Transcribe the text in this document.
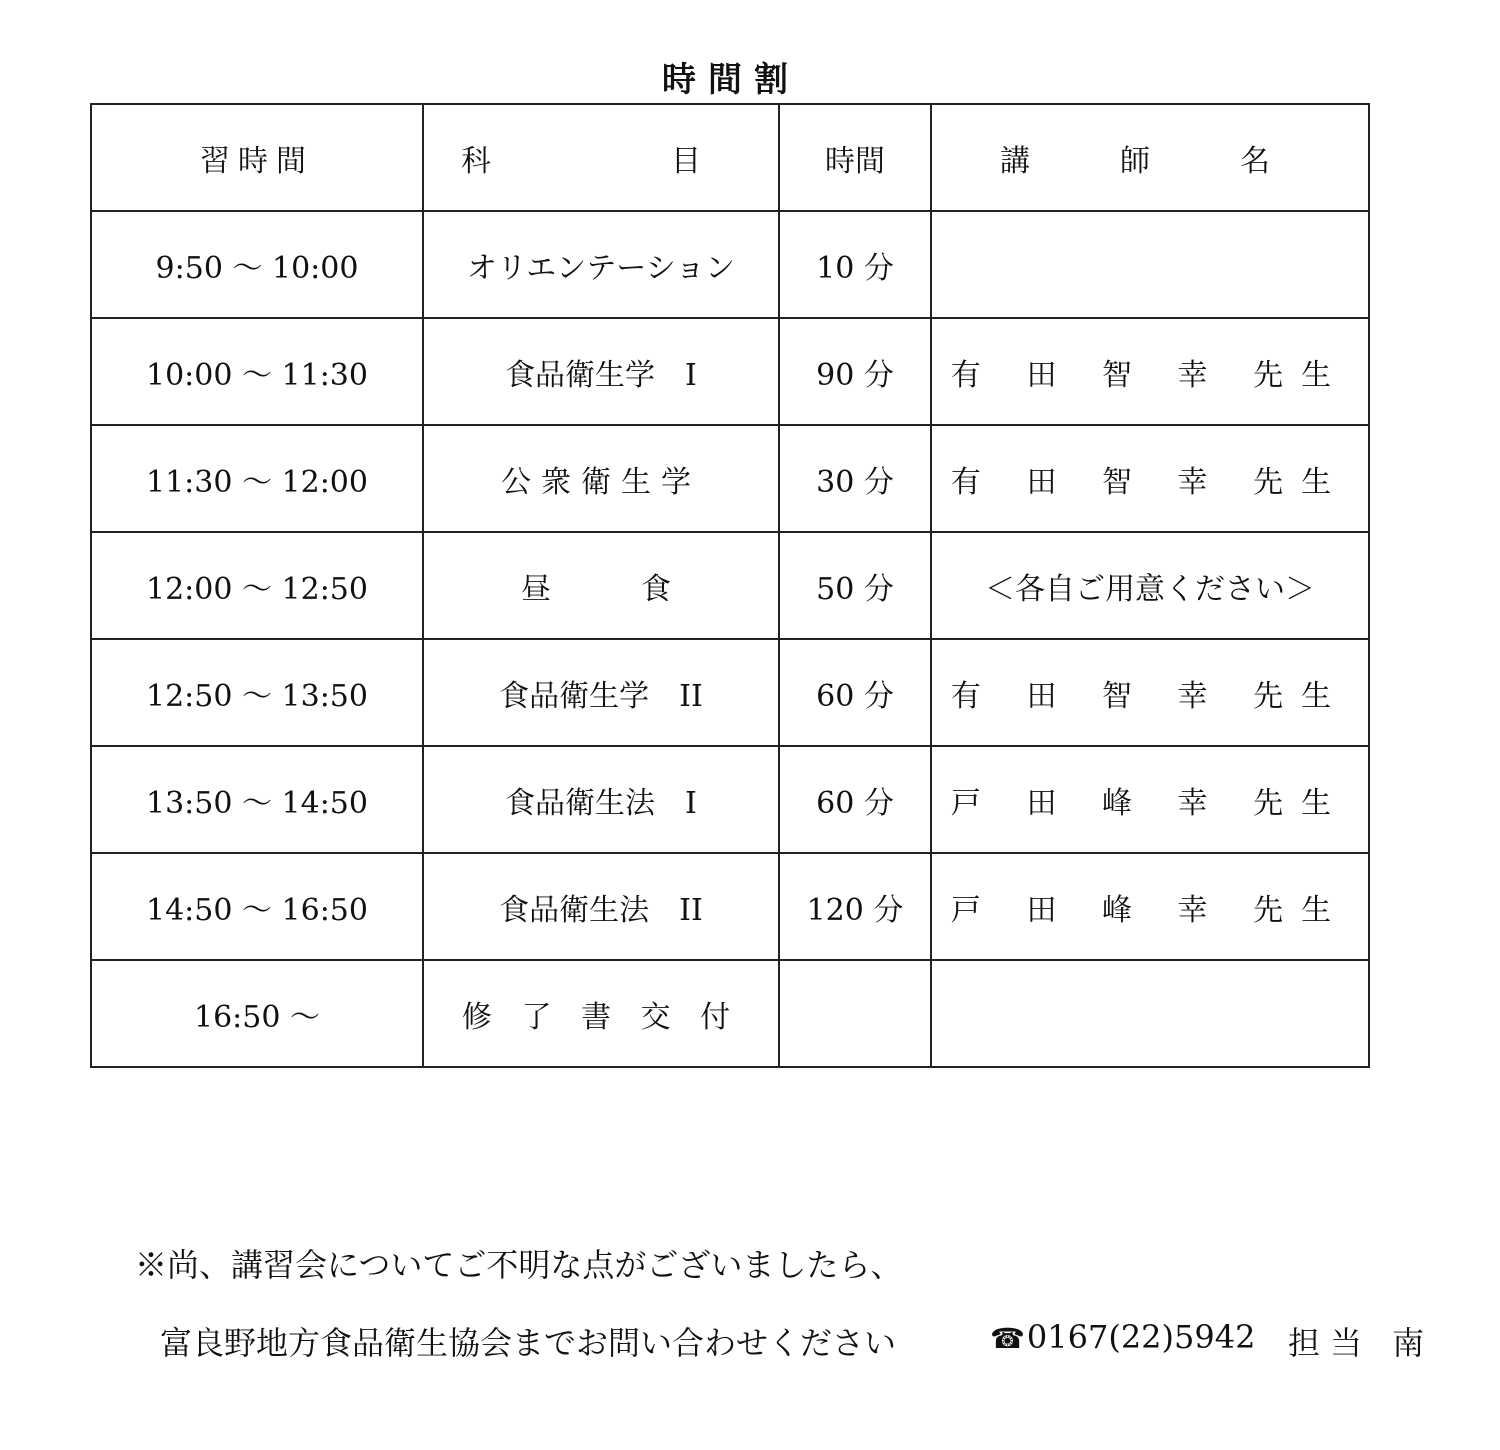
時間割
習時間	科　　目	時間	講　師　名
9:50 ～ 10:00	オリエンテーション	10 分	
10:00 ～ 11:30	食品衛生学　I	90 分	有 田 智 幸 先生
11:30 ～ 12:00	公衆衛生学	30 分	有 田 智 幸 先生
12:00 ～ 12:50	昼　　食	50 分	＜各自ご用意ください＞
12:50 ～ 13:50	食品衛生学　II	60 分	有 田 智 幸 先生
13:50 ～ 14:50	食品衛生法　I	60 分	戸 田 峰 幸 先生
14:50 ～ 16:50	食品衛生法　II	120 分	戸 田 峰 幸 先生
16:50 ～	修 了 書 交 付		
※尚、講習会についてご不明な点がございましたら、
富良野地方食品衛生協会までお問い合わせください	☎0167(22)5942 担当 南
